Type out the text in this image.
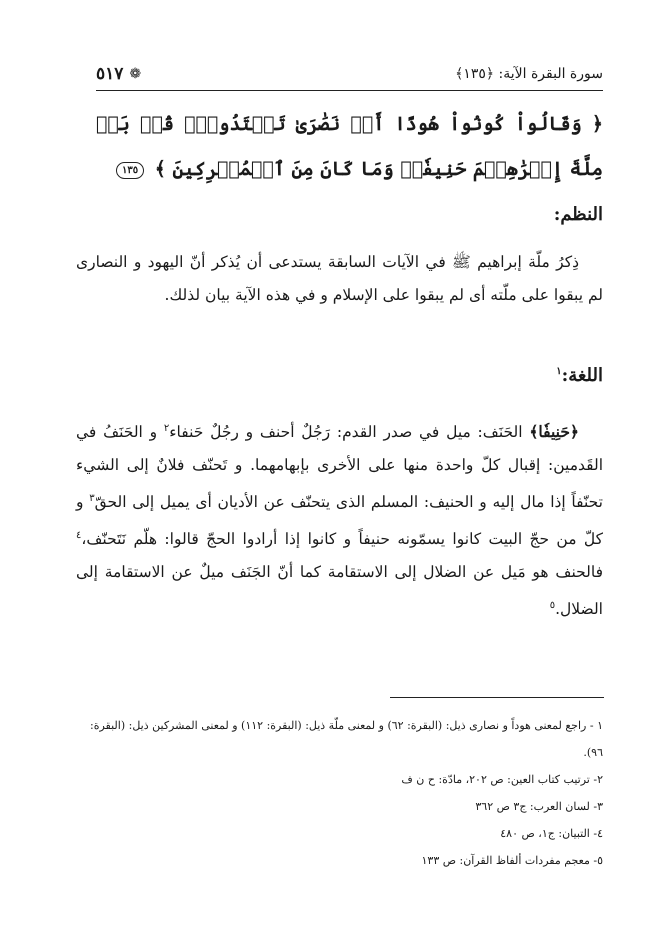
سورة البقرة الآية: ﴿١٣٥﴾
❁
٥١٧
﴿ وَقَالُواْ كُونُواْ هُودًا أَوۡ نَصَٰرَىٰ تَهۡتَدُواْۗ قُلۡ بَلۡ مِلَّةَ إِبۡرَٰهِـۧمَ حَنِيفٗاۖ وَمَا كَانَ مِنَ ٱلۡمُشۡرِكِينَ ﴾ ١٣٥
النظم:
ذِكرُ ملّة إبراهيم ﷺ في الآيات السابقة يستدعى أن يُذكر أنّ اليهود و النصارى لم يبقوا على ملّته أى لم يبقوا على الإسلام و في هذه الآية بيان لذلك.
اللغة:$^١$
﴿حَنِيفٗا﴾ الحَنَف: ميل في صدر القدم: رَجُلٌ أحنف و رجُلٌ حَنفاء$^٢$ و الحَنَفُ في القَدمين: إقبال كلّ واحدة منها على الأخرى بإبهامهما. و تَحنّف فلانٌ إلى الشيء تحنّفاً إذا مال إليه و الحنيف: المسلم الذى يتحنّف عن الأديان أى يميل إلى الحقّ$^٣$ و كلّ من حجّ البيت كانوا يسمّونه حنيفاً و كانوا إذا أرادوا الحجّ قالوا: هلّم نَتَحنّف،$^٤$ فالحنف هو مَيل عن الضلال إلى الاستقامة كما أنّ الجَنَف ميلٌ عن الاستقامة إلى الضلال.$^٥$
١ - راجع لمعنى هوداً و نصارى ذيل: (البقرة: ٦٢) و لمعنى ملّة ذيل: (البقرة: ١١٢) و لمعنى المشركين ذيل: (البقرة: ٩٦).
٢- ترتيب كتاب العين: ص ٢٠٢، مادّة: ح ن ف
٣- لسان العرب: ج٣ ص ٣٦٢
٤- التبيان: ج١، ص ٤٨٠
٥- معجم مفردات ألفاظ القرآن: ص ١٣٣
